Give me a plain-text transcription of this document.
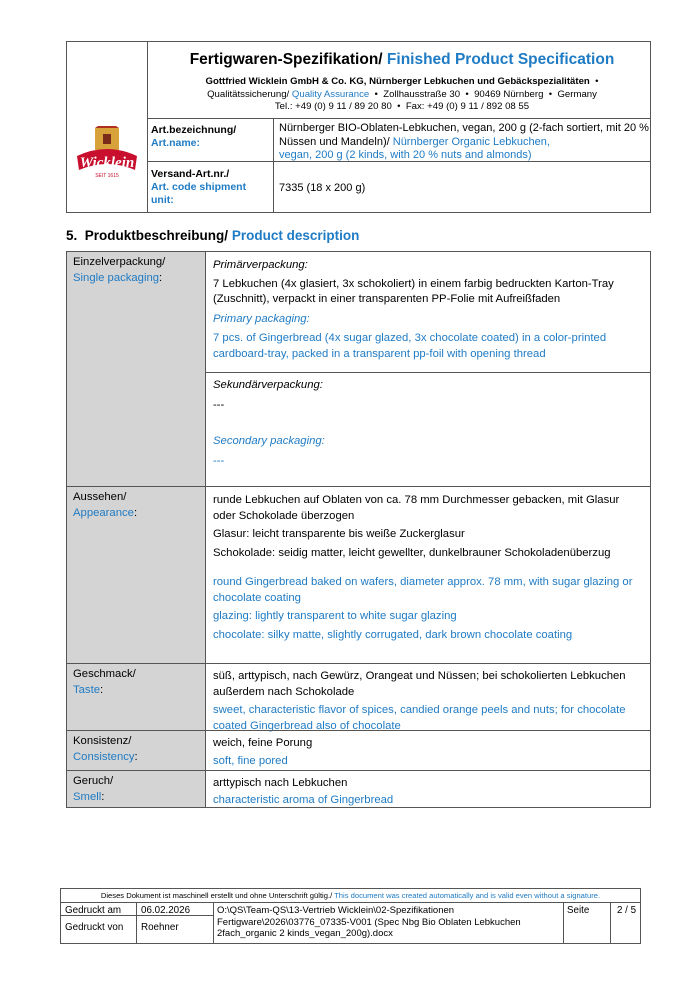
Wicklein
SEIT 1615
Fertigwaren-Spezifikation/ Finished Product Specification
Gottfried Wicklein GmbH & Co. KG, Nürnberger Lebkuchen und Gebäckspezialitäten  •
Qualitätssicherung/ Quality Assurance  •  Zollhausstraße 30  •  90469 Nürnberg  •  Germany
Tel.: +49 (0) 9 11 / 89 20 80  •  Fax: +49 (0) 9 11 / 892 08 55
Art.bezeichnung/
Art.name:
Nürnberger BIO-Oblaten-Lebkuchen, vegan, 200 g (2-fach sortiert, mit 20 % Nüssen und Mandeln)/ Nürnberger Organic Lebkuchen,
vegan, 200 g (2 kinds, with 20 % nuts and almonds)
Versand-Art.nr./
Art. code shipment
unit:
7335 (18 x 200 g)
5. Produktbeschreibung/ Product description
Einzelverpackung/
Single packaging:

Primärverpackung:

7 Lebkuchen (4x glasiert, 3x schokoliert) in einem farbig bedruckten Karton-Tray (Zuschnitt), verpackt in einer transparenten PP-Folie mit Aufreißfaden

Primary packaging:

7 pcs. of Gingerbread (4x sugar glazed, 3x chocolate coated) in a color-printed cardboard-tray, packed in a transparent pp-foil with opening thread

Sekundärverpackung:

---

Secondary packaging:

---

Aussehen/
Appearance:

runde Lebkuchen auf Oblaten von ca. 78 mm Durchmesser gebacken, mit Glasur oder Schokolade überzogen

Glasur: leicht transparente bis weiße Zuckerglasur

Schokolade: seidig matter, leicht gewellter, dunkelbrauner Schokoladenüberzug

round Gingerbread baked on wafers, diameter approx. 78 mm, with sugar glazing or chocolate coating

glazing: lightly transparent to white sugar glazing

chocolate: silky matte, slightly corrugated, dark brown chocolate coating

Geschmack/
Taste:

süß, arttypisch, nach Gewürz, Orangeat und Nüssen; bei schokolierten Lebkuchen außerdem nach Schokolade

sweet, characteristic flavor of spices, candied orange peels and nuts; for chocolate coated Gingerbread also of chocolate

Konsistenz/
Consistency:

weich, feine Porung

soft, fine pored

Geruch/
Smell:

arttypisch nach Lebkuchen

characteristic aroma of Gingerbread

Dieses Dokument ist maschinell erstellt und ohne Unterschrift gültig./ This document was created automatically and is valid even without a signature.
Gedruckt am 06.02.2026
Gedruckt von Roehner
O:\QS\Team-QS\13-Vertrieb Wicklein\02-Spezifikationen Fertigware\2026\03776_07335-V001 (Spec Nbg Bio Oblaten Lebkuchen 2fach_organic 2 kinds_vegan_200g).docx
Seite	2 / 5
